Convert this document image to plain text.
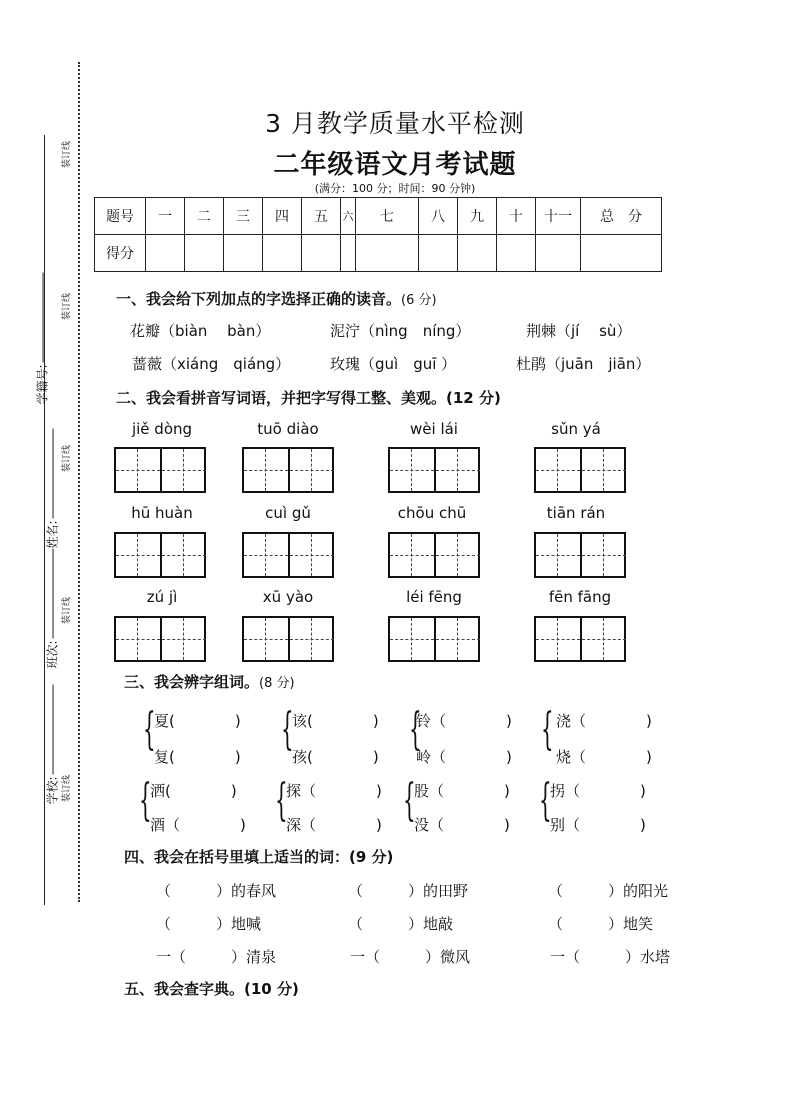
学籍号:
姓名:
班次:
学校:
装订线
装订线
装订线
装订线
装订线
3 月教学质量水平检测
二年级语文月考试题
(满分：100 分；时间：90 分钟)
题号	一	二	三	四	五	六	七	八	九	十	十一	总　分
得分												
一、我会给下列加点的字选择正确的读音。(6 分)
花瓣（biàn　 bàn）	泥泞（nìng　níng）	荆棘（jí　 sù）
蔷薇（xiáng　qiáng）	玫瑰（guì　guī ）	杜鹃（juān　jiān）
二、我会看拼音写词语，并把字写得工整、美观。(12 分)
jiě dòng	tuō diào	wèi lái	sǔn yá
hū huàn	cuì gǔ	chōu chū	tiān rán
zú jì	xū yào	léi fēng	fēn fāng
三、我会辨字组词。(8 分)
{
夏(　　　　)
复(　　　　)
{
该(　　　　)
孩(　　　　)
{
铃（　　　　)
岭（　　　　)
{ 浇（　　　　)
烧（　　　　)
{
洒(　　　　)
酒（　　　　) {
探（　　　　)
深（　　　　) {
股（　　　　)
没（　　　　) {
拐（　　　　)
别（　　　　)
四、我会在括号里填上适当的词：(9 分)
（　　　）的春风	（　　　）的田野	（　　　）的阳光
（　　　）地喊	（　　　）地敲	（　　　）地笑
一（　　　）清泉	一（　　　）微风	一（　　　）水塔
五、我会查字典。(10 分)
